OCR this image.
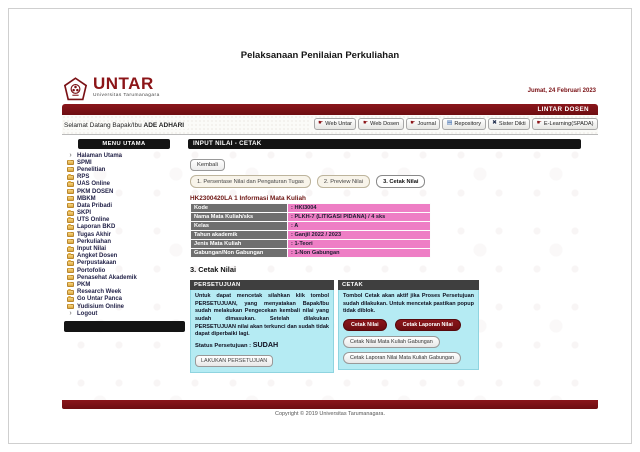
Pelaksanaan Penilaian Perkuliahan
UNTAR
Universitas Tarumanagara
Jumat, 24 Februari 2023
LINTAR DOSEN
Selamat Datang Bapak/Ibu ADE ADHARI	☛ Web Untar ☛ Web Dosen ☛ Journal ▤ Repository ✖ Sister Dikti ☛ E-Learning(SPADA)
MENU UTAMA
› Halaman Utama
SPMI
Penelitian
RPS
UAS Online
PKM DOSEN
MBKM
Data Pribadi
SKPI
UTS Online
Laporan BKD
Tugas Akhir
Perkuliahan
Input Nilai
Angket Dosen
Perpustakaan
Portofolio
Penasehat Akademik
PKM
Research Week
Go Untar Panca
Yudisium Online
› Logout
INPUT NILAI - CETAK
Kembali
1. Persentase Nilai dan Pengaturan Tugas	2. Preview Nilai	3. Cetak Nilai
HK2300420LA 1 Informasi Mata Kuliah
Kode	: HKI3004
Nama Mata Kuliah/sks	: PLKH-7 (LITIGASI PIDANA) / 4 sks
Kelas	: A
Tahun akademik	: Ganjil 2022 / 2023
Jenis Mata Kuliah	: 1-Teori
Gabungan/Non Gabungan	: 1-Non Gabungan
3. Cetak Nilai
PERSETUJUAN
Untuk dapat mencetak silahkan klik tombol PERSETUJUAN, yang menyatakan Bapak/Ibu sudah melakukan Pengecekan kembali nilai yang sudah dimasukan. Setelah dilakukan PERSETUJUAN nilai akan terkunci dan sudah tidak dapat diperbaiki lagi.
Status Persetujuan : SUDAH
LAKUKAN PERSETUJUAN
CETAK
Tombol Cetak akan aktif jika Proses Persetujuan sudah dilakukan. Untuk mencetak pastikan popup tidak diblok.
Cetak Nilai	Cetak Laporan Nilai
Cetak Nilai Mata Kuliah Gabungan
Cetak Laporan Nilai Mata Kuliah Gabungan
Copyright © 2019 Universitas Tarumanagara.
